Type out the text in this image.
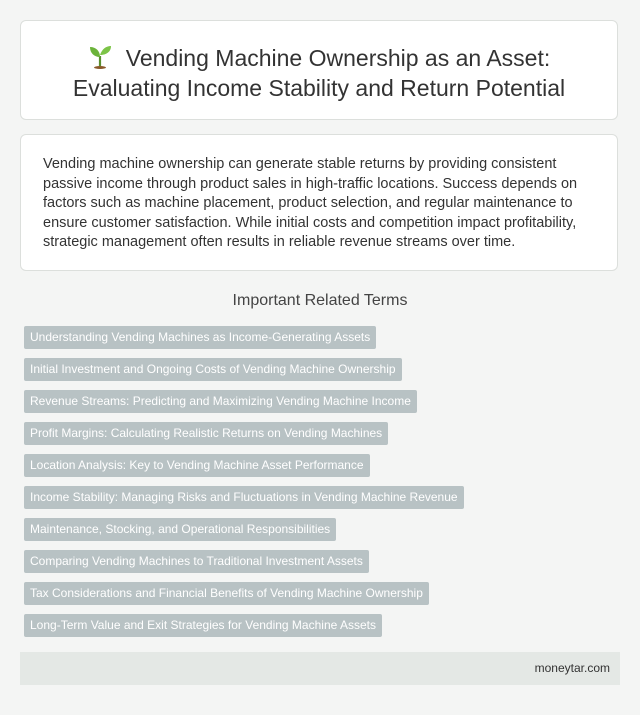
Vending Machine Ownership as an Asset: Evaluating Income Stability and Return Potential

Vending machine ownership can generate stable returns by providing consistent passive income through product sales in high-traffic locations. Success depends on factors such as machine placement, product selection, and regular maintenance to ensure customer satisfaction. While initial costs and competition impact profitability, strategic management often results in reliable revenue streams over time.

Important Related Terms
Understanding Vending Machines as Income-Generating Assets
Initial Investment and Ongoing Costs of Vending Machine Ownership
Revenue Streams: Predicting and Maximizing Vending Machine Income
Profit Margins: Calculating Realistic Returns on Vending Machines
Location Analysis: Key to Vending Machine Asset Performance
Income Stability: Managing Risks and Fluctuations in Vending Machine Revenue
Maintenance, Stocking, and Operational Responsibilities
Comparing Vending Machines to Traditional Investment Assets
Tax Considerations and Financial Benefits of Vending Machine Ownership
Long-Term Value and Exit Strategies for Vending Machine Assets
moneytar.com
